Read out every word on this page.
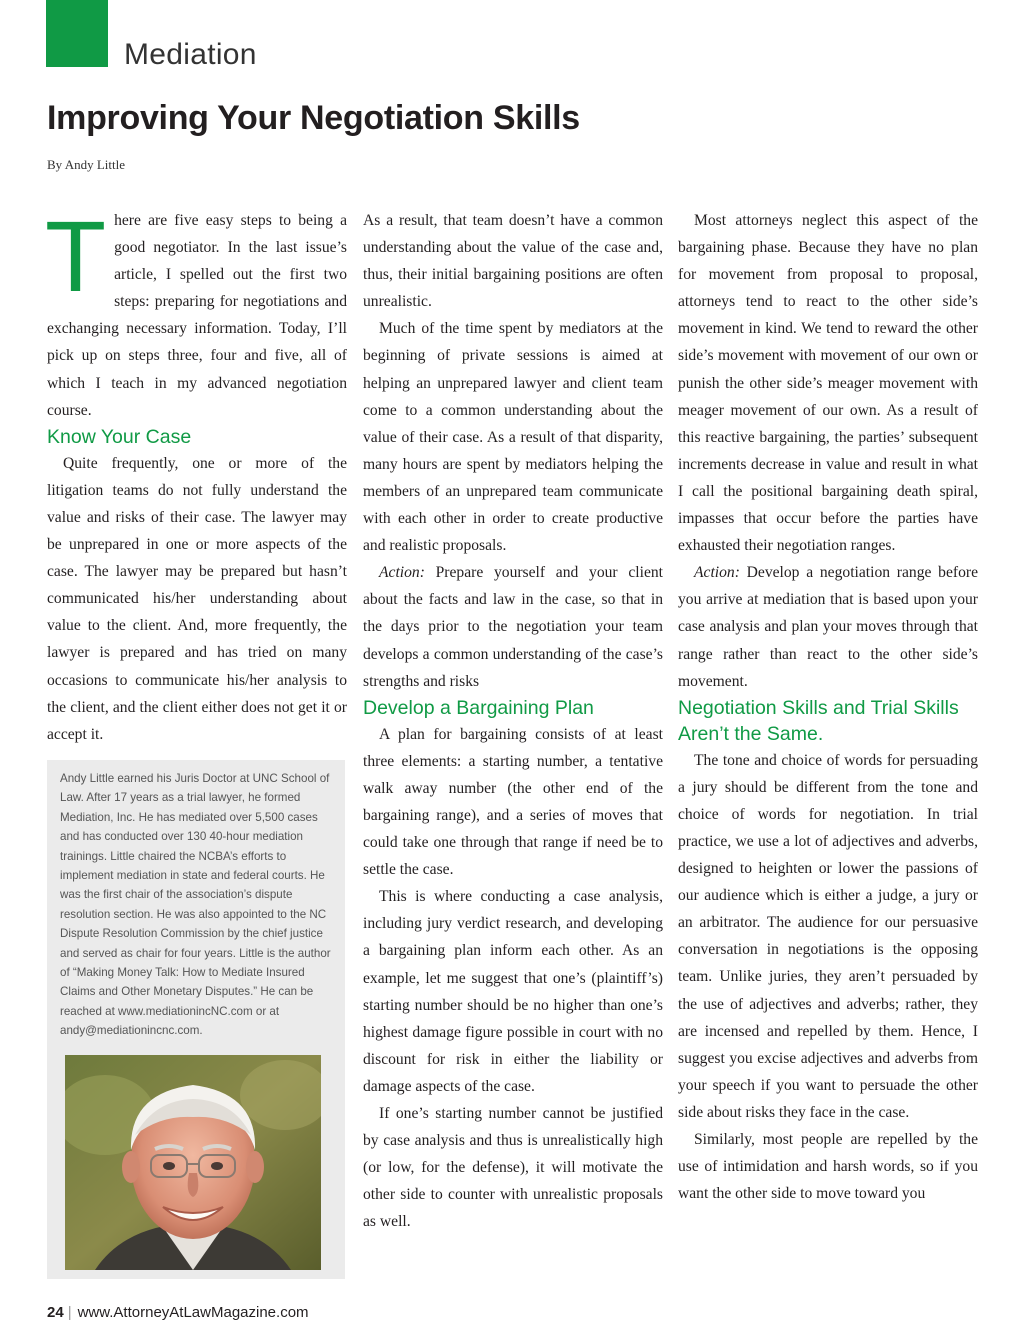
Mediation
Improving Your Negotiation Skills
By Andy Little

There are five easy steps to being a good negotiator. In the last issue’s article, I spelled out the first two steps: preparing for negotiations and exchanging necessary information. Today, I’ll pick up on steps three, four and five, all of which I teach in my advanced negotiation course.

Know Your Case

Quite frequently, one or more of the litigation teams do not fully understand the value and risks of their case. The lawyer may be unprepared in one or more aspects of the case. The lawyer may be prepared but hasn’t communicated his/her understanding about value to the client. And, more frequently, the lawyer is prepared and has tried on many occasions to communicate his/her analysis to the client, and the client either does not get it or accept it.

As a result, that team doesn’t have a common understanding about the value of the case and, thus, their initial bargaining positions are often unrealistic.

Much of the time spent by mediators at the beginning of private sessions is aimed at helping an unprepared lawyer and client team come to a common understanding about the value of their case. As a result of that disparity, many hours are spent by mediators helping the members of an unprepared team communicate with each other in order to create productive and realistic proposals.

Action: Prepare yourself and your client about the facts and law in the case, so that in the days prior to the negotiation your team develops a common understanding of the case’s strengths and risks

Develop a Bargaining Plan

A plan for bargaining consists of at least three elements: a starting number, a tentative walk away number (the other end of the bargaining range), and a series of moves that could take one through that range if need be to settle the case.

This is where conducting a case analysis, including jury verdict research, and developing a bargaining plan inform each other. As an example, let me suggest that one’s (plaintiff’s) starting number should be no higher than one’s highest damage figure possible in court with no discount for risk in either the liability or damage aspects of the case.

If one’s starting number cannot be justified by case analysis and thus is unrealistically high (or low, for the defense), it will motivate the other side to counter with unrealistic proposals as well.

Most attorneys neglect this aspect of the bargaining phase. Because they have no plan for movement from proposal to proposal, attorneys tend to react to the other side’s movement in kind. We tend to reward the other side’s movement with movement of our own or punish the other side’s meager movement with meager movement of our own. As a result of this reactive bargaining, the parties’ subsequent increments decrease in value and result in what I call the positional bargaining death spiral, impasses that occur before the parties have exhausted their negotiation ranges.

Action: Develop a negotiation range before you arrive at mediation that is based upon your case analysis and plan your moves through that range rather than react to the other side’s movement.

Negotiation Skills and Trial Skills Aren’t the Same.

The tone and choice of words for persuading a jury should be different from the tone and choice of words for negotiation. In trial practice, we use a lot of adjectives and adverbs, designed to heighten or lower the passions of our audience which is either a judge, a jury or an arbitrator. The audience for our persuasive conversation in negotiations is the opposing team. Unlike juries, they aren’t persuaded by the use of adjectives and adverbs; rather, they are incensed and repelled by them. Hence, I suggest you excise adjectives and adverbs from your speech if you want to persuade the other side about risks they face in the case.

Similarly, most people are repelled by the use of intimidation and harsh words, so if you want the other side to move toward you

Andy Little earned his Juris Doctor at UNC School of Law. After 17 years as a trial lawyer, he formed Mediation, Inc. He has mediated over 5,500 cases and has conducted over 130 40-hour mediation trainings. Little chaired the NCBA’s efforts to implement mediation in state and federal courts. He was the first chair of the association’s dispute resolution section. He was also appointed to the NC Dispute Resolution Commission by the chief justice and served as chair for four years. Little is the author of “Making Money Talk: How to Mediate Insured Claims and Other Monetary Disputes.” He can be reached at www.mediationincNC.com or at andy@mediationincnc.com.

24 | www.AttorneyAtLawMagazine.com
